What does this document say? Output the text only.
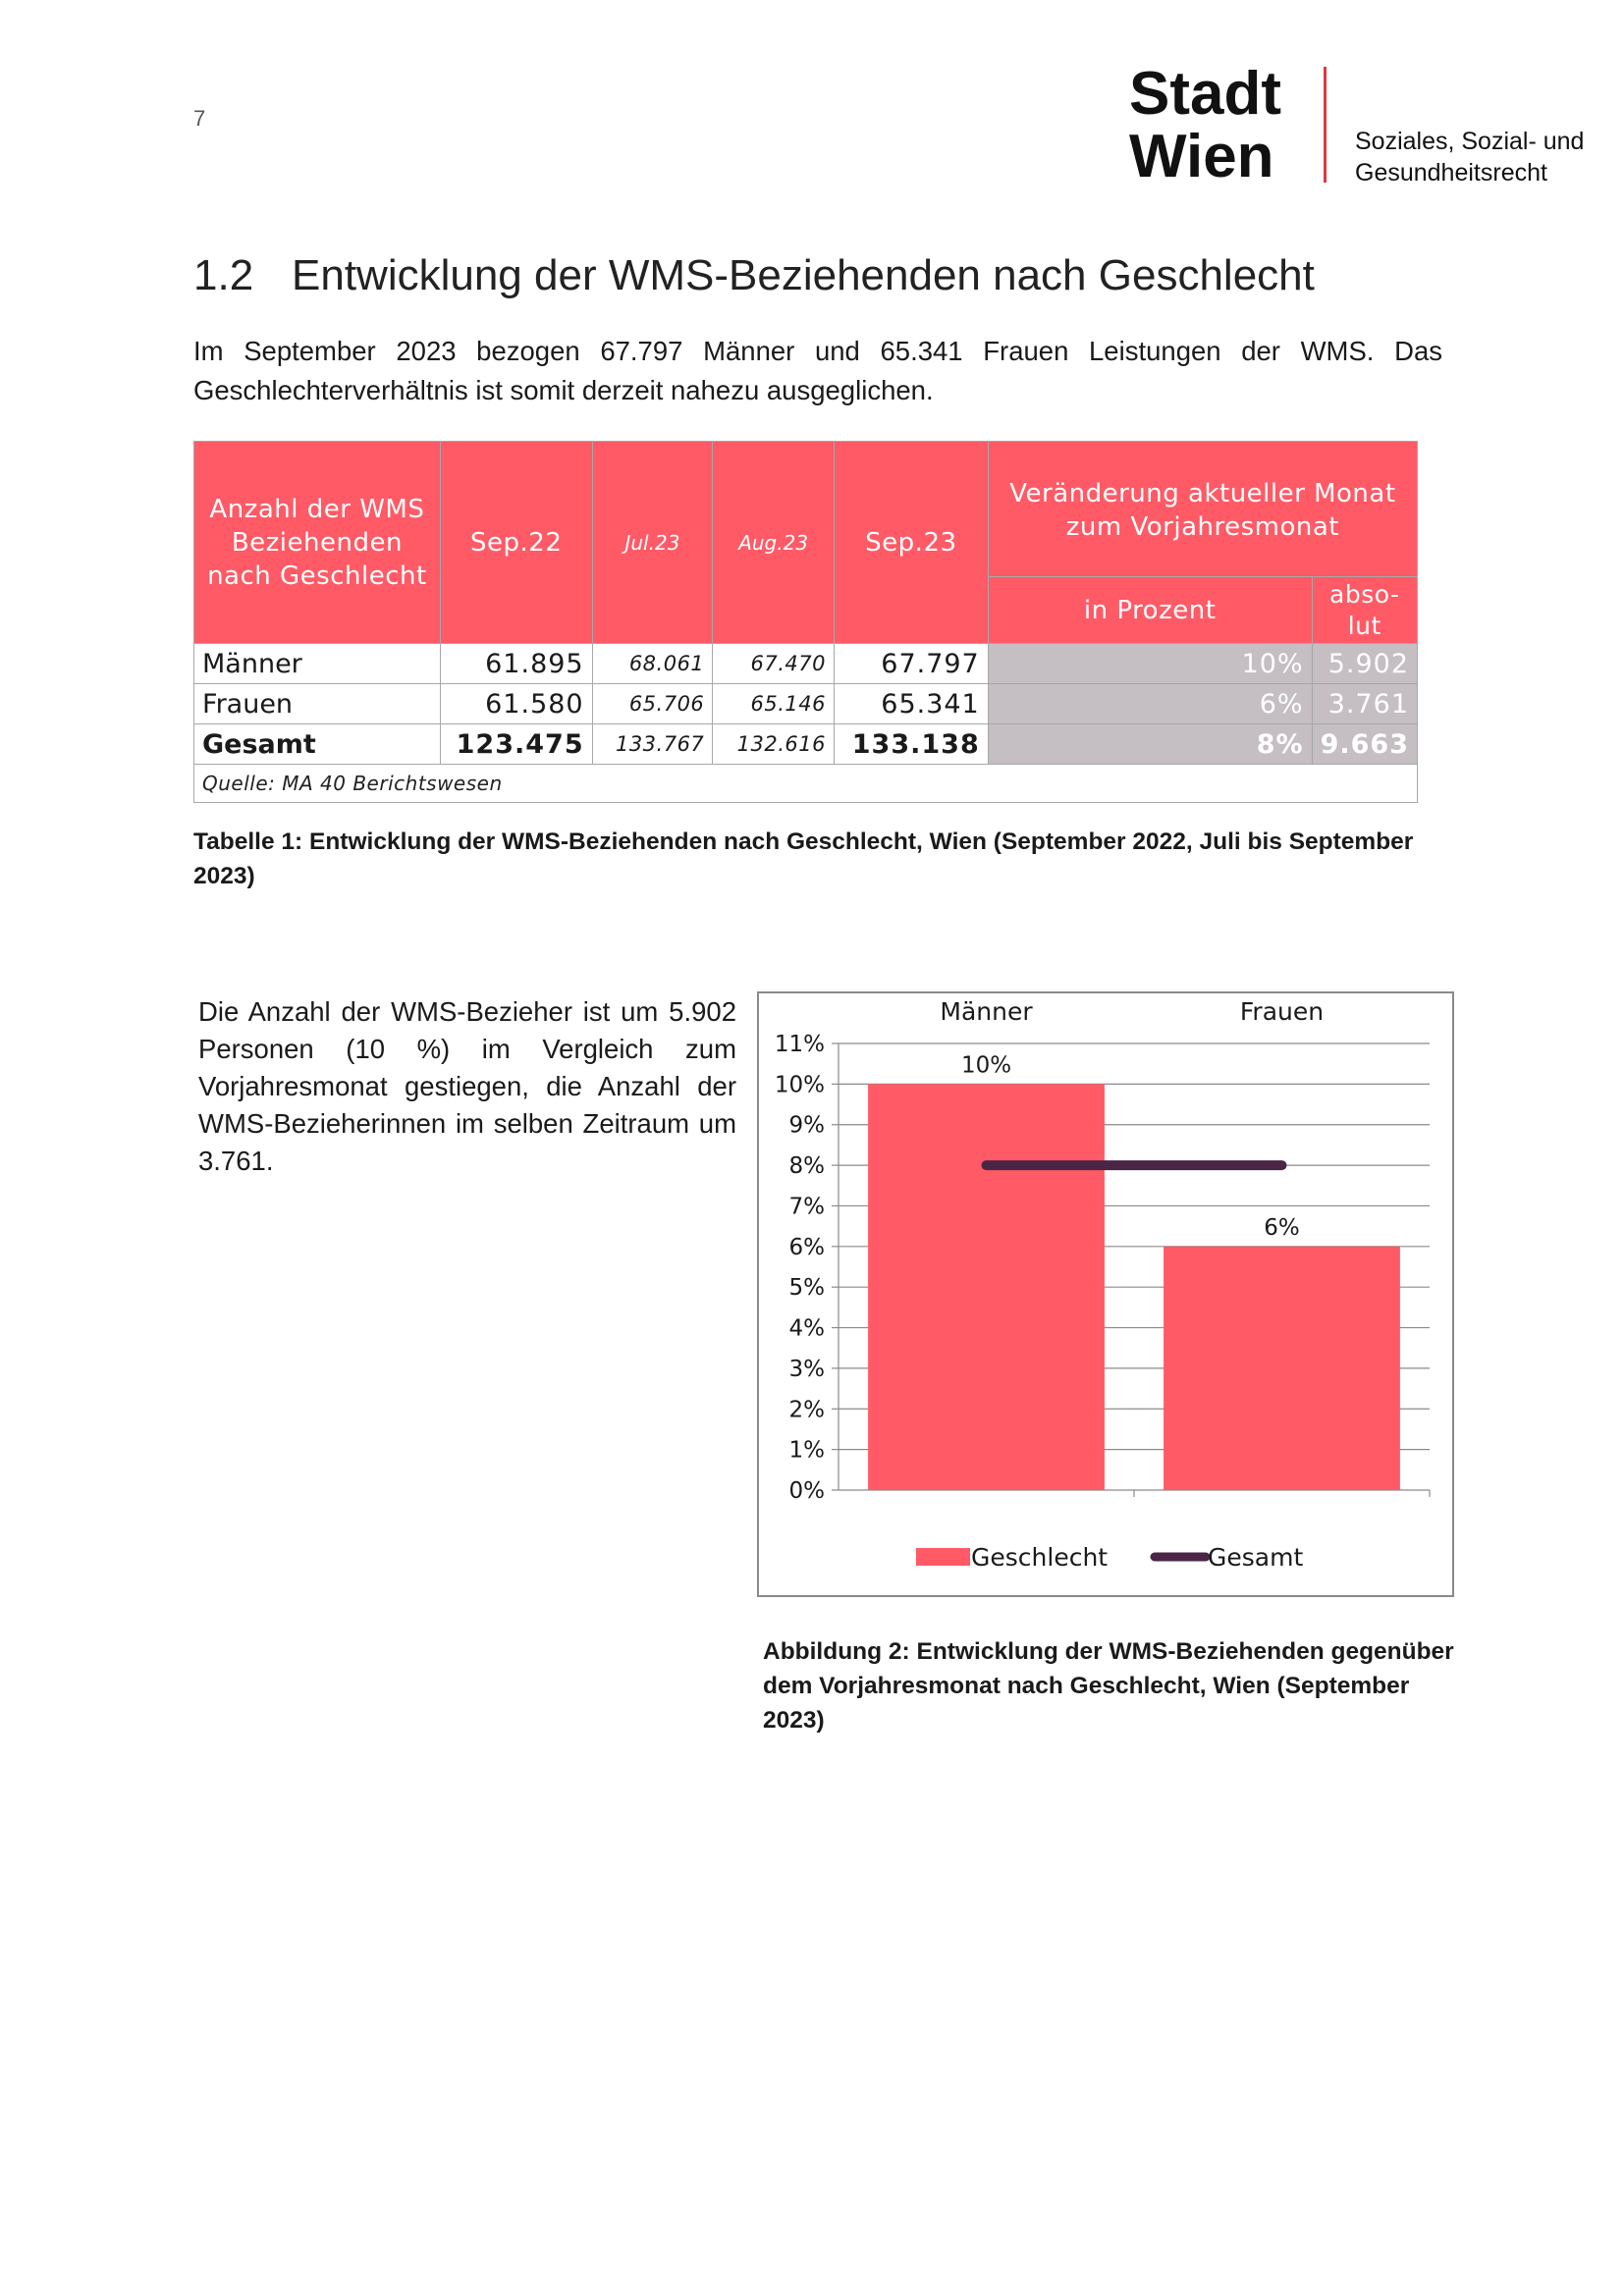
7	Stadt
Wien	Soziales, Sozial- und
Gesundheitsrecht
1.2 Entwicklung der WMS-Beziehenden nach Geschlecht
Im September 2023 bezogen 67.797 Männer und 65.341 Frauen Leistungen der WMS. Das Geschlechterverhältnis ist somit derzeit nahezu ausgeglichen.
Anzahl der WMS Beziehenden nach Geschlecht	Sep.22	Jul.23	Aug.23	Sep.23	Veränderung aktueller Monat zum Vorjahresmonat	
					in Prozent	abso-lut
Männer	61.895	68.061	67.470	67.797	10%	5.902
Frauen	61.580	65.706	65.146	65.341	6%	3.761
Gesamt	123.475	133.767	132.616	133.138	8%	9.663
Quelle: MA 40 Berichtswesen						
Tabelle 1: Entwicklung der WMS-Beziehenden nach Geschlecht, Wien (September 2022, Juli bis September 2023)
Die Anzahl der WMS-Bezieher ist um 5.902 Personen (10 %) im Vergleich zum Vorjahresmonat gestiegen, die Anzahl der WMS-Bezieherinnen im selben Zeitraum um 3.761.
0%
1%
2%
3%
4%
5%
6%
7%
8%
9%
10%
11%
Männer	Frauen
10%
6%
Geschlecht	Gesamt
Abbildung 2: Entwicklung der WMS-Beziehenden gegenüber dem Vorjahresmonat nach Geschlecht, Wien (September 2023)
